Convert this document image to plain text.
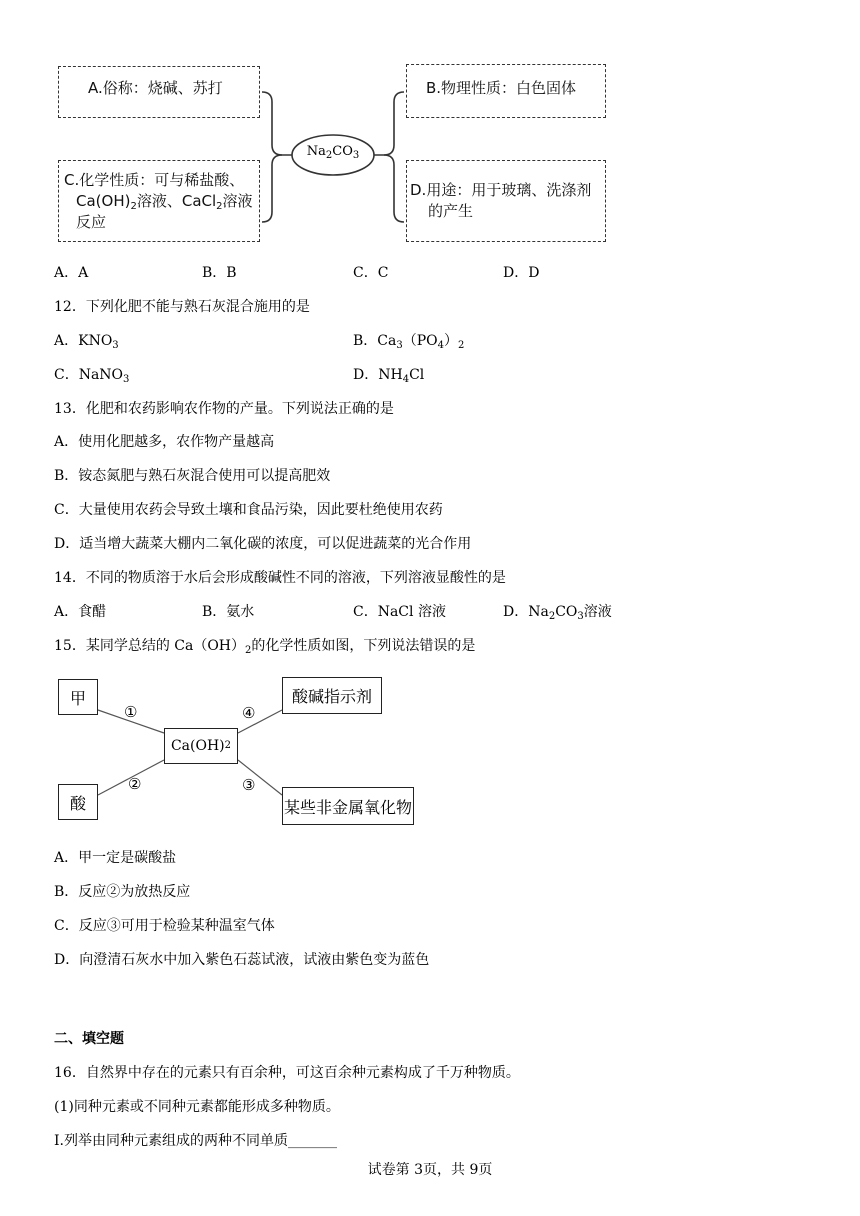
A.俗称：烧碱、苏打	B.物理性质：白色固体
C.化学性质：可与稀盐酸、
$Ca(OH)_2$溶液、CaCl$_2$溶液
反应
D.用途：用于玻璃、洗涤剂
的产生
$Na_2CO_3$
A．A	B．B	C．C	D．D
12．下列化肥不能与熟石灰混合施用的是
A．$KNO_3$	B．$Ca_3(PO_4)_2$
C．NaNO$_3$	D．$NH_4Cl$
13．化肥和农药影响农作物的产量。下列说法正确的是
A．使用化肥越多，农作物产量越高
B．铵态氮肥与熟石灰混合使用可以提高肥效
C．大量使用农药会导致土壤和食品污染，因此要杜绝使用农药
D．适当增大蔬菜大棚内二氧化碳的浓度，可以促进蔬菜的光合作用
14．不同的物质溶于水后会形成酸碱性不同的溶液，下列溶液显酸性的是
A．食醋	B．氨水	C．NaCl 溶液	D．$Na_2CO_3$溶液
15．某同学总结的 $Ca(OH)_2$的化学性质如图，下列说法错误的是
甲
酸
Ca(OH) 2
酸碱指示剂
某些非金属氧化物
①
②	③
④
A．甲一定是碳酸盐
B．反应②为放热反应
C．反应③可用于检验某种温室气体
D．向澄清石灰水中加入紫色石蕊试液，试液由紫色变为蓝色
二、填空题
16．自然界中存在的元素只有百余种，可这百余种元素构成了千万种物质。
(1)同种元素或不同种元素都能形成多种物质。
I.列举由同种元素组成的两种不同单质_______
试卷第 3页，共 9页
